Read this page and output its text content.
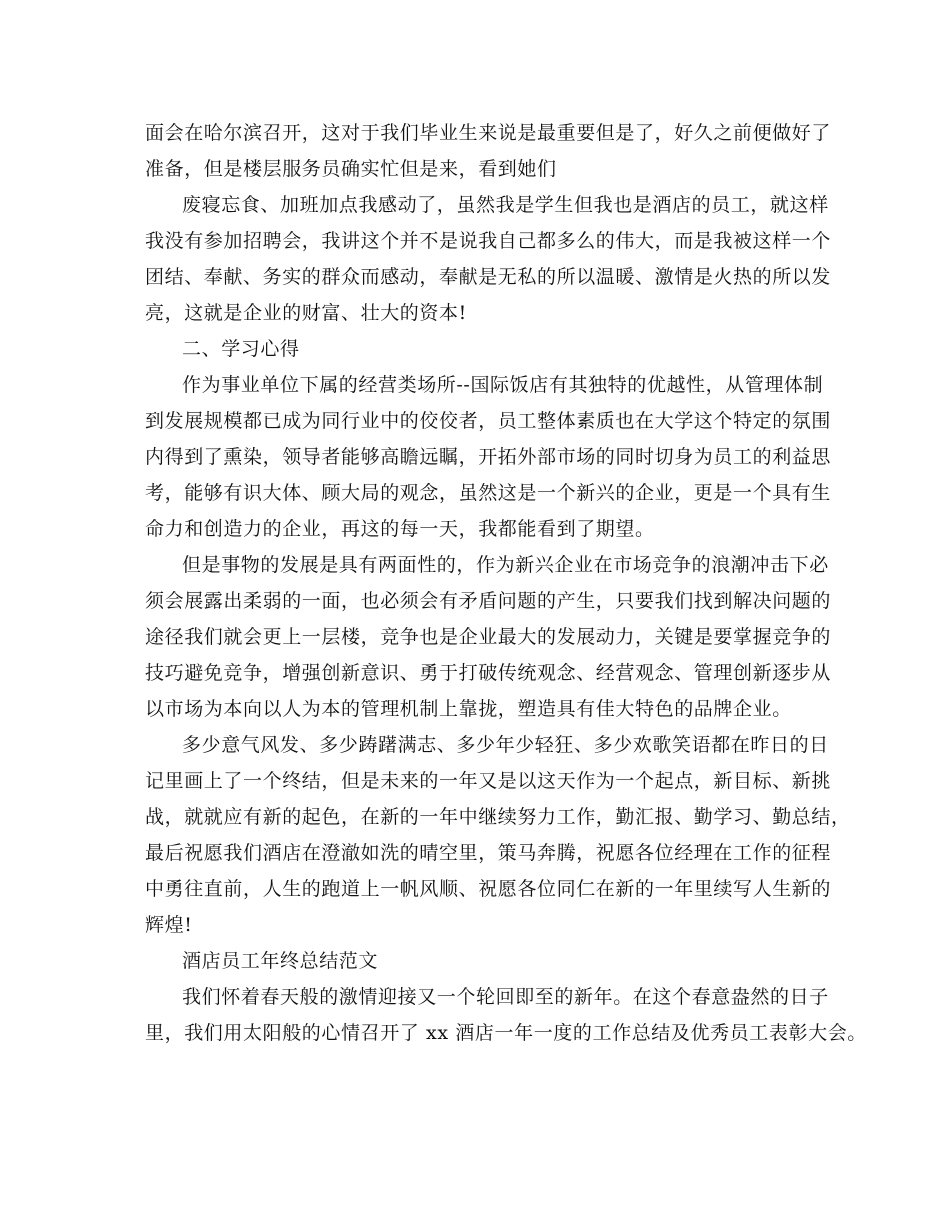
面会在哈尔滨召开，这对于我们毕业生来说是最重要但是了，好久之前便做好了
准备，但是楼层服务员确实忙但是来，看到她们
废寝忘食、加班加点我感动了，虽然我是学生但我也是酒店的员工，就这样
我没有参加招聘会，我讲这个并不是说我自己都多么的伟大，而是我被这样一个
团结、奉献、务实的群众而感动，奉献是无私的所以温暖、激情是火热的所以发
亮，这就是企业的财富、壮大的资本!
二、学习心得
作为事业单位下属的经营类场所--国际饭店有其独特的优越性，从管理体制
到发展规模都已成为同行业中的佼佼者，员工整体素质也在大学这个特定的氛围
内得到了熏染，领导者能够高瞻远瞩，开拓外部市场的同时切身为员工的利益思
考，能够有识大体、顾大局的观念，虽然这是一个新兴的企业，更是一个具有生
命力和创造力的企业，再这的每一天，我都能看到了期望。
但是事物的发展是具有两面性的，作为新兴企业在市场竞争的浪潮冲击下必
须会展露出柔弱的一面，也必须会有矛盾问题的产生，只要我们找到解决问题的
途径我们就会更上一层楼，竞争也是企业最大的发展动力，关键是要掌握竞争的
技巧避免竞争，增强创新意识、勇于打破传统观念、经营观念、管理创新逐步从
以市场为本向以人为本的管理机制上靠拢，塑造具有佳大特色的品牌企业。
多少意气风发、多少踌躇满志、多少年少轻狂、多少欢歌笑语都在昨日的日
记里画上了一个终结，但是未来的一年又是以这天作为一个起点，新目标、新挑
战，就就应有新的起色，在新的一年中继续努力工作，勤汇报、勤学习、勤总结，
最后祝愿我们酒店在澄澈如洗的晴空里，策马奔腾，祝愿各位经理在工作的征程
中勇往直前，人生的跑道上一帆风顺、祝愿各位同仁在新的一年里续写人生新的
辉煌!
酒店员工年终总结范文
我们怀着春天般的激情迎接又一个轮回即至的新年。在这个春意盎然的日子
里，我们用太阳般的心情召开了 xx 酒店一年一度的工作总结及优秀员工表彰大会。
